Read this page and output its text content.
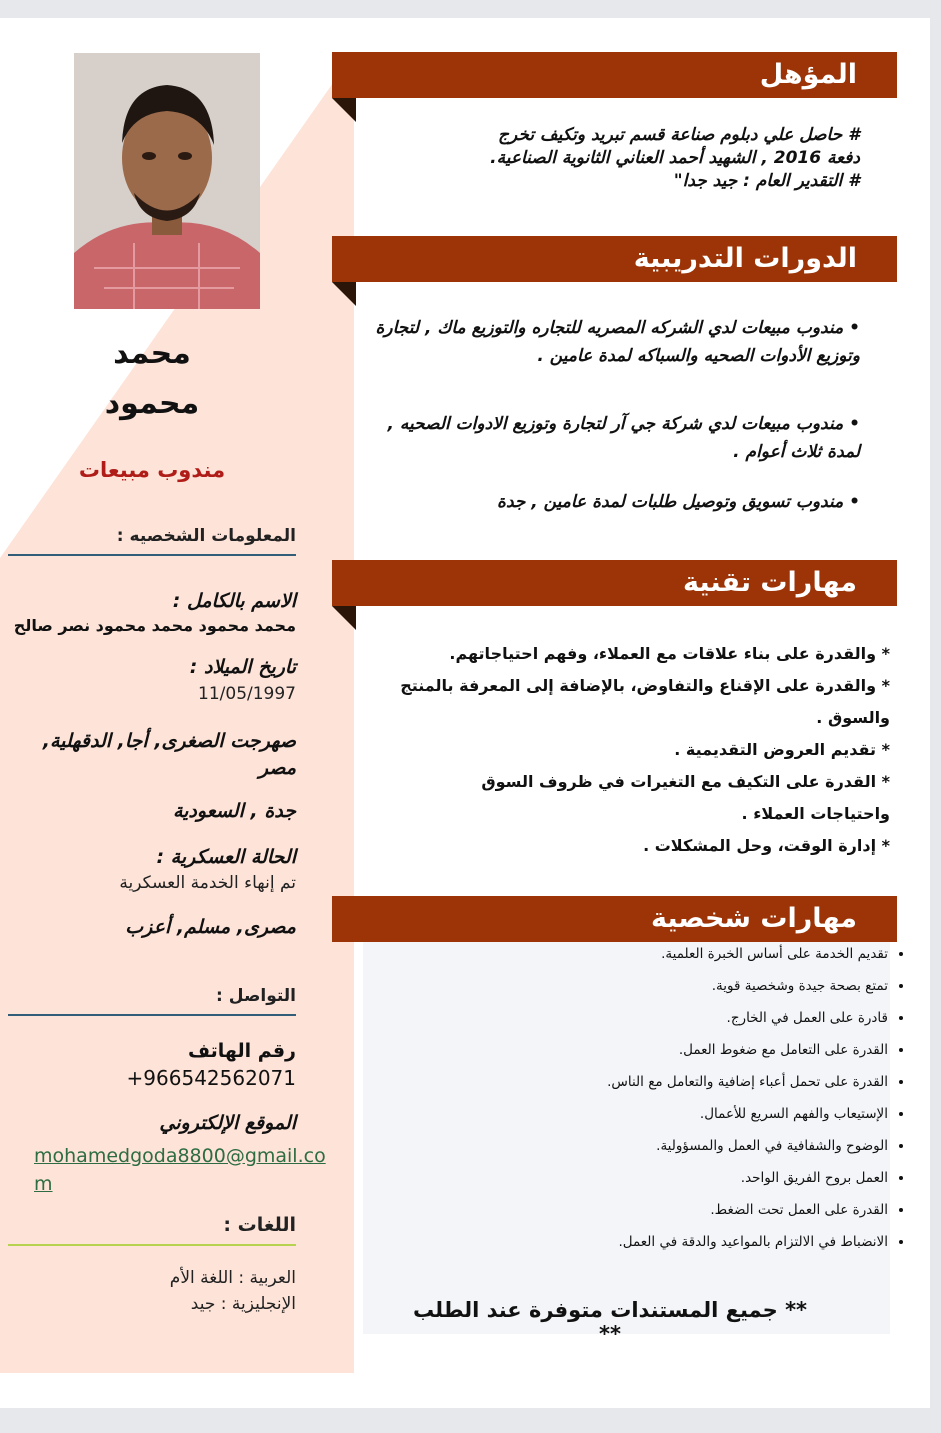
محمد
محمود
مندوب مبيعات
المعلومات الشخصيه :
الاسم بالكامل :
محمد محمود محمد محمود نصر صالح
تاريخ الميلاد :
11/05/1997
صهرجت الصغرى, أجا, الدقهلية, مصر
جدة , السعودية
الحالة العسكرية :
تم إنهاء الخدمة العسكرية
مصرى, مسلم, أعزب
التواصل :
رقم الهاتف
+966542562071
الموقع الإلكتروني
mohamedgoda8800@gmail.com
اللغات :
العربية : اللغة الأم
الإنجليزية : جيد
المؤهل
# حاصل علي دبلوم صناعة قسم تبريد وتكيف تخرج
دفعة 2016 , الشهيد أحمد العناني الثانوية الصناعية.
# التقدير العام : جيد جدا"
الدورات التدريبية
• مندوب مبيعات لدي الشركه المصريه للتجاره والتوزيع ماك , لتجارة وتوزيع الأدوات الصحيه والسباكه لمدة عامين .
• مندوب مبيعات لدي شركة جي آر لتجارة وتوزيع الادوات الصحيه , لمدة ثلاث أعوام .
• مندوب تسويق وتوصيل طلبات لمدة عامين , جدة
مهارات تقنية
* والقدرة على بناء علاقات مع العملاء، وفهم احتياجاتهم.
* والقدرة على الإقناع والتفاوض، بالإضافة إلى المعرفة بالمنتج والسوق .
* تقديم العروض التقديمية .
* القدرة على التكيف مع التغيرات في ظروف السوق واحتياجات العملاء .
* إدارة الوقت، وحل المشكلات .
مهارات شخصية
• تقديم الخدمة على أساس الخبرة العلمية.
• تمتع بصحة جيدة وشخصية قوية.
• قادرة على العمل في الخارج.
• القدرة على التعامل مع ضغوط العمل.
• القدرة على تحمل أعباء إضافية والتعامل مع الناس.
• الإستيعاب والفهم السريع للأعمال.
• الوضوح والشفافية في العمل والمسؤولية.
• العمل بروح الفريق الواحد.
• القدرة على العمل تحت الضغط.
• الانضباط في الالتزام بالمواعيد والدقة في العمل.
** جميع المستندات متوفرة عند الطلب **
